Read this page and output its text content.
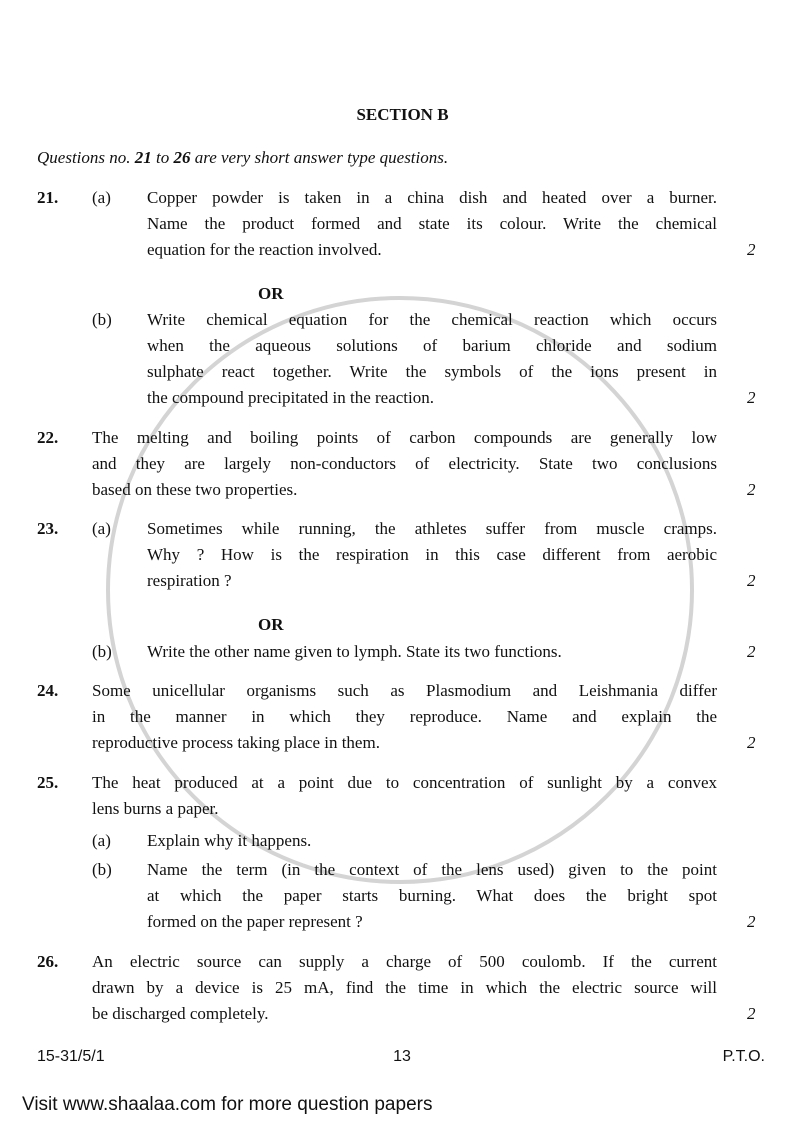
SECTION B
Questions no. 21 to 26 are very short answer type questions.
21. (a) Copper powder is taken in a china dish and heated over a burner.
Name the product formed and state its colour. Write the chemical
equation for the reaction involved.	2
OR
(b) Write chemical equation for the chemical reaction which occurs
when the aqueous solutions of barium chloride and sodium
sulphate react together. Write the symbols of the ions present in
the compound precipitated in the reaction.	2
22. The melting and boiling points of carbon compounds are generally low
and they are largely non-conductors of electricity. State two conclusions
based on these two properties.	2
23. (a) Sometimes while running, the athletes suffer from muscle cramps.
Why ? How is the respiration in this case different from aerobic
respiration ?	2
OR
(b) Write the other name given to lymph. State its two functions.	2
24. Some unicellular organisms such as Plasmodium and Leishmania differ
in the manner in which they reproduce. Name and explain the
reproductive process taking place in them.	2
25. The heat produced at a point due to concentration of sunlight by a convex
lens burns a paper.
(a) Explain why it happens.
(b) Name the term (in the context of the lens used) given to the point
at which the paper starts burning. What does the bright spot
formed on the paper represent ?	2
26. An electric source can supply a charge of 500 coulomb. If the current
drawn by a device is 25 mA, find the time in which the electric source will
be discharged completely.	2
15-31/5/1	13	P.T.O.
Visit www.shaalaa.com for more question papers
